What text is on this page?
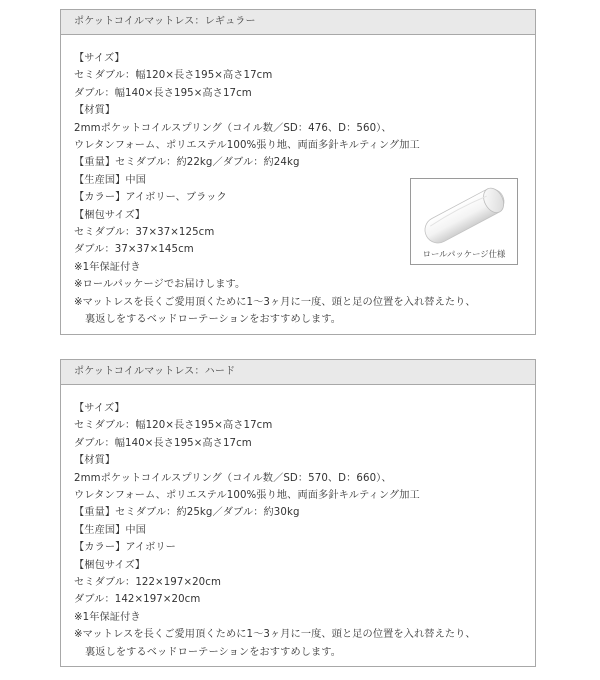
ポケットコイルマットレス：レギュラー
【サイズ】
セミダブル：幅120×長さ195×高さ17cm
ダブル：幅140×長さ195×高さ17cm
【材質】
2mmポケットコイルスプリング（コイル数／SD：476、D：560）、
ウレタンフォーム、ポリエステル100%張り地、両面多針キルティング加工
【重量】セミダブル：約22kg／ダブル：約24kg
【生産国】中国
【カラー】アイボリー、ブラック
【梱包サイズ】
セミダブル：37×37×125cm
ダブル：37×37×145cm
※1年保証付き
※ロールパッケージでお届けします。
※マットレスを長くご愛用頂くために1～3ヶ月に一度、頭と足の位置を入れ替えたり、
裏返しをするベッドローテーションをおすすめします。
ロールパッケージ仕様
ポケットコイルマットレス：ハード
【サイズ】
セミダブル：幅120×長さ195×高さ17cm
ダブル：幅140×長さ195×高さ17cm
【材質】
2mmポケットコイルスプリング（コイル数／SD：570、D：660）、
ウレタンフォーム、ポリエステル100%張り地、両面多針キルティング加工
【重量】セミダブル：約25kg／ダブル：約30kg
【生産国】中国
【カラー】アイボリー
【梱包サイズ】
セミダブル：122×197×20cm
ダブル：142×197×20cm
※1年保証付き
※マットレスを長くご愛用頂くために1～3ヶ月に一度、頭と足の位置を入れ替えたり、
裏返しをするベッドローテーションをおすすめします。
